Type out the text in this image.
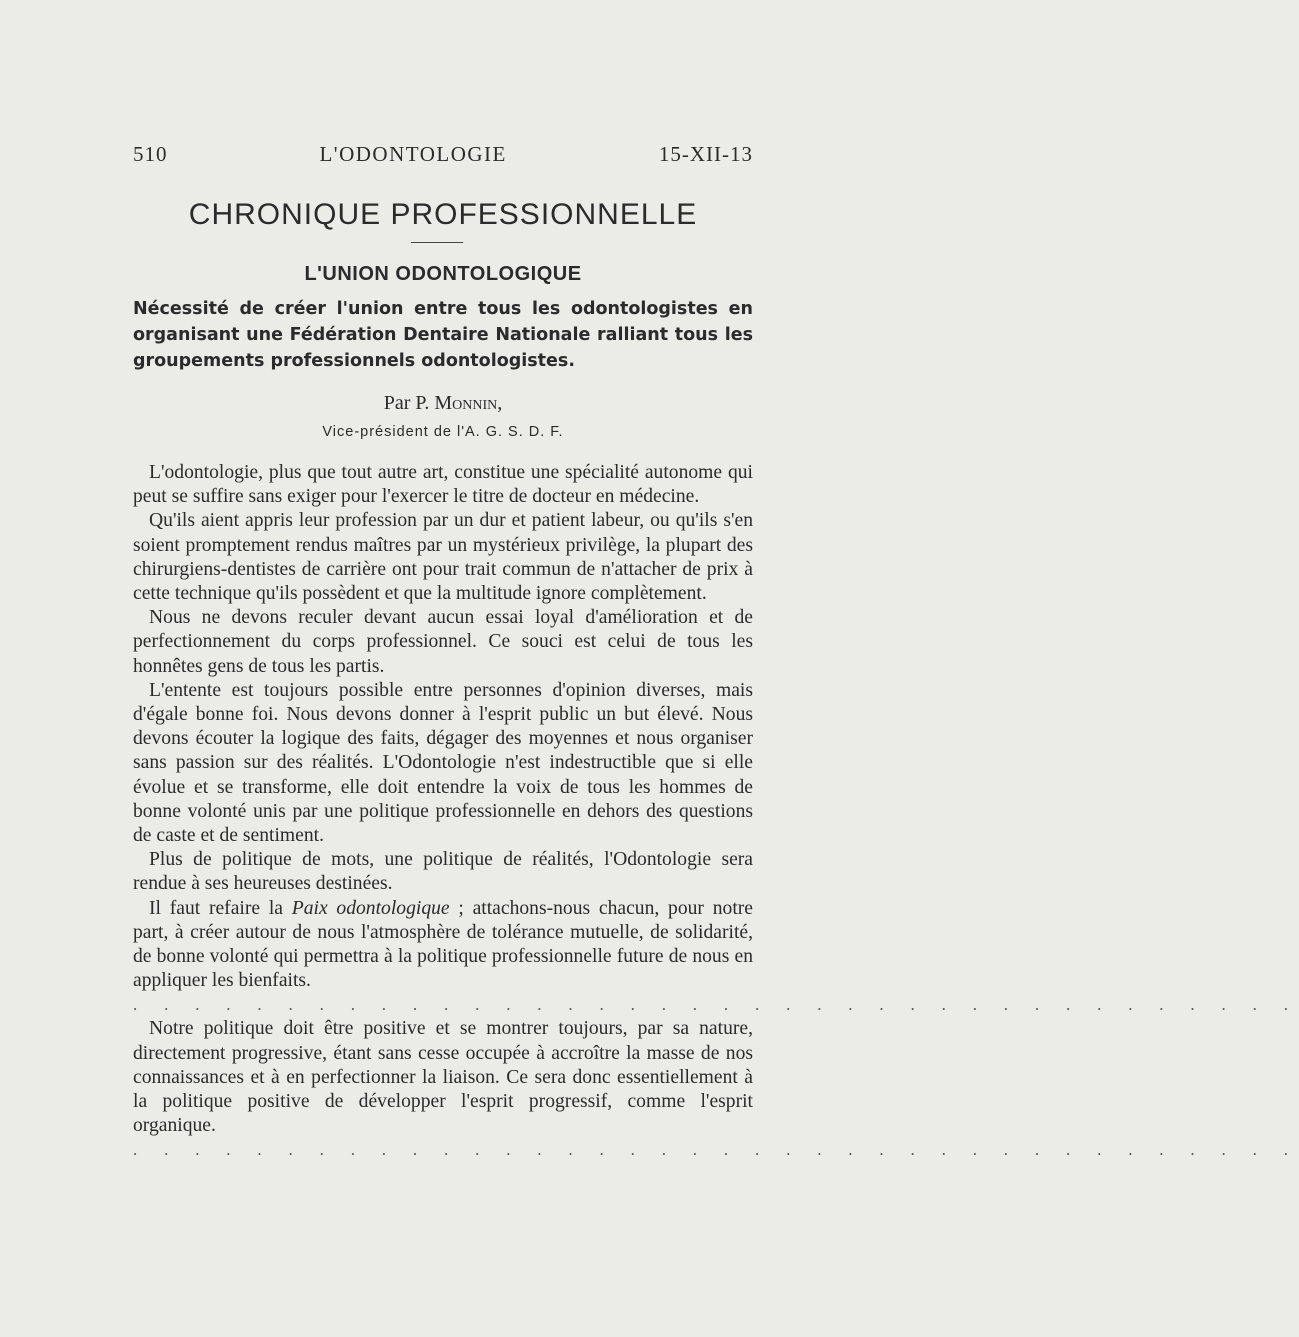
510	L'ODONTOLOGIE	15-XII-13
CHRONIQUE PROFESSIONNELLE
L'UNION ODONTOLOGIQUE

Nécessité de créer l'union entre tous les odontologistes en organisant une Fédération Dentaire Nationale ralliant tous les groupements professionnels odontologistes.

Par P. Monnin,
Vice-président de l'A. G. S. D. F.

L'odontologie, plus que tout autre art, constitue une spécialité autonome qui peut se suffire sans exiger pour l'exercer le titre de docteur en médecine.

Qu'ils aient appris leur profession par un dur et patient labeur, ou qu'ils s'en soient promptement rendus maîtres par un mystérieux privilège, la plupart des chirurgiens-dentistes de carrière ont pour trait commun de n'attacher de prix à cette technique qu'ils possèdent et que la multitude ignore complètement.

Nous ne devons reculer devant aucun essai loyal d'amélioration et de perfectionnement du corps professionnel. Ce souci est celui de tous les honnêtes gens de tous les partis.

L'entente est toujours possible entre personnes d'opinion diverses, mais d'égale bonne foi. Nous devons donner à l'esprit public un but élevé. Nous devons écouter la logique des faits, dégager des moyennes et nous organiser sans passion sur des réalités. L'Odontologie n'est indestructible que si elle évolue et se transforme, elle doit entendre la voix de tous les hommes de bonne volonté unis par une politique professionnelle en dehors des questions de caste et de sentiment.

Plus de politique de mots, une politique de réalités, l'Odontologie sera rendue à ses heureuses destinées.

Il faut refaire la Paix odontologique ; attachons-nous chacun, pour notre part, à créer autour de nous l'atmosphère de tolérance mutuelle, de solidarité, de bonne volonté qui permettra à la politique professionnelle future de nous en appliquer les bienfaits.

. . . . . . . . . . . . . . . . . . . . . . . . . . . . . . . . . . . . . .

Notre politique doit être positive et se montrer toujours, par sa nature, directement progressive, étant sans cesse occupée à accroître la masse de nos connaissances et à en perfectionner la liaison. Ce sera donc essentiellement à la politique positive de développer l'esprit progressif, comme l'esprit organique.

. . . . . . . . . . . . . . . . . . . . . . . . . . . . . . . . . . . . . .
